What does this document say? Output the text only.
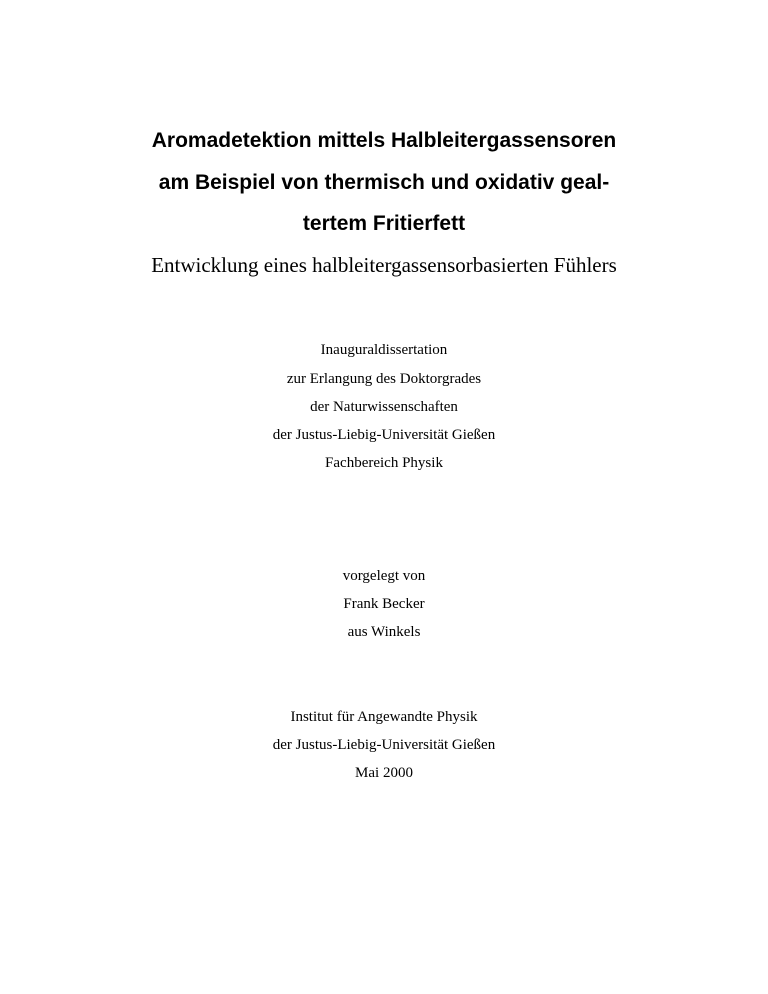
Aromadetektion mittels Halbleitergassensoren
am Beispiel von thermisch und oxidativ geal-
tertem Fritierfett
Entwicklung eines halbleitergassensorbasierten Fühlers
Inauguraldissertation
zur Erlangung des Doktorgrades
der Naturwissenschaften
der Justus-Liebig-Universität Gießen
Fachbereich Physik
vorgelegt von
Frank Becker
aus Winkels
Institut für Angewandte Physik
der Justus-Liebig-Universität Gießen
Mai 2000
